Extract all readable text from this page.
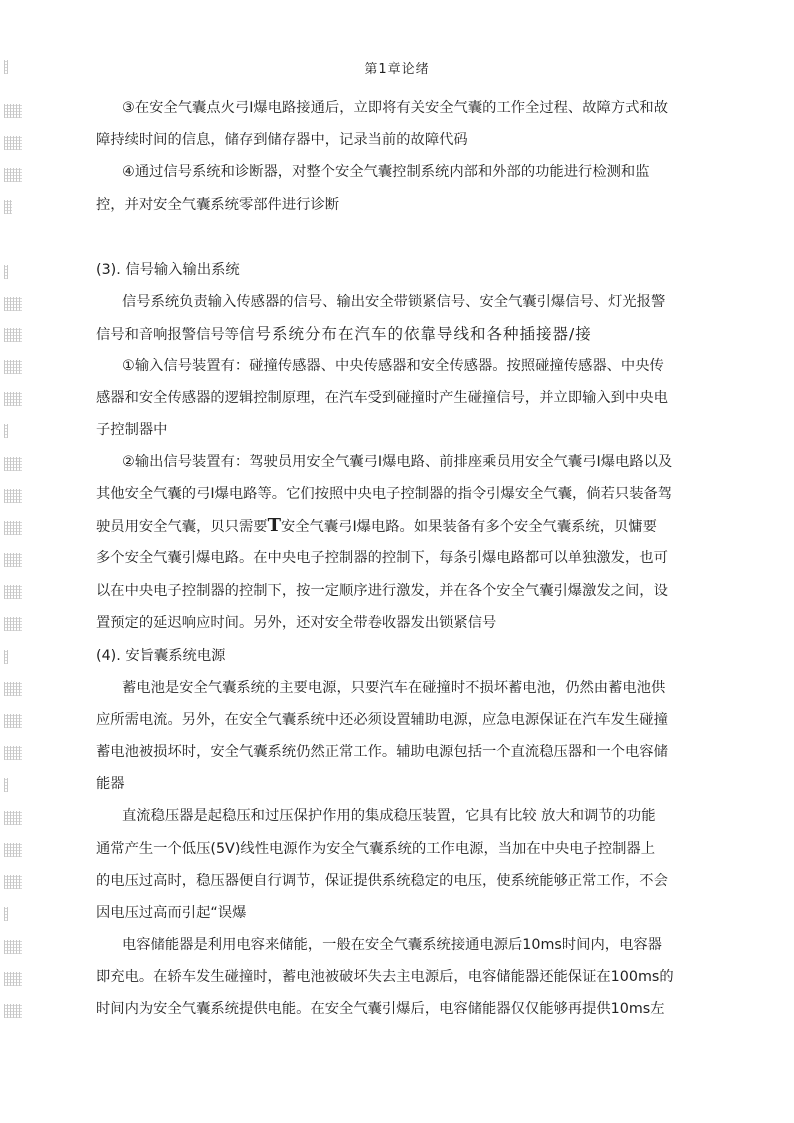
第1章论绪
③在安全气囊点火弓I爆电路接通后，立即将有关安全气囊的工作全过程、故障方式和故
障持续时间的信息，储存到储存器中，记录当前的故障代码
④通过信号系统和诊断器，对整个安全气囊控制系统内部和外部的功能进行检测和监
控，并对安全气囊系统零部件进行诊断
(3). 信号输入输出系统
信号系统负责输入传感器的信号、输出安全带锁紧信号、安全气囊引爆信号、灯光报警
信号和音响报警信号等信号系统分布在汽车的依靠导线和各种插接器/接
①输入信号装置有：碰撞传感器、中央传感器和安全传感器。按照碰撞传感器、中央传
感器和安全传感器的逻辑控制原理，在汽车受到碰撞时产生碰撞信号，并立即输入到中央电
子控制器中
②输出信号装置有：驾驶员用安全气囊弓I爆电路、前排座乘员用安全气囊弓I爆电路以及
其他安全气囊的弓I爆电路等。它们按照中央电子控制器的指令引爆安全气囊，倘若只装备驾
驶员用安全气囊，贝只需要T安全气囊弓I爆电路。如果装备有多个安全气囊系统，贝慵要
多个安全气囊引爆电路。在中央电子控制器的控制下，每条引爆电路都可以单独激发，也可
以在中央电子控制器的控制下，按一定顺序进行激发，并在各个安全气囊引爆激发之间，设
置预定的延迟响应时间。另外，还对安全带卷收器发出锁紧信号
(4). 安旨囊系统电源
蓄电池是安全气囊系统的主要电源，只要汽车在碰撞时不损坏蓄电池，仍然由蓄电池供
应所需电流。另外，在安全气囊系统中还必须设置辅助电源，应急电源保证在汽车发生碰撞
蓄电池被损坏时，安全气囊系统仍然正常工作。辅助电源包括一个直流稳压器和一个电容储
能器
直流稳压器是起稳压和过压保护作用的集成稳压装置，它具有比较 放大和调节的功能
通常产生一个低压(5V)线性电源作为安全气囊系统的工作电源，当加在中央电子控制器上
的电压过高时，稳压器便自行调节，保证提供系统稳定的电压，使系统能够正常工作，不会
因电压过高而引起“误爆
电容储能器是利用电容来储能，一般在安全气囊系统接通电源后10ms时间内，电容器
即充电。在轿车发生碰撞时，蓄电池被破坏失去主电源后，电容储能器还能保证在100ms的
时间内为安全气囊系统提供电能。在安全气囊引爆后，电容储能器仅仅能够再提供10ms左
